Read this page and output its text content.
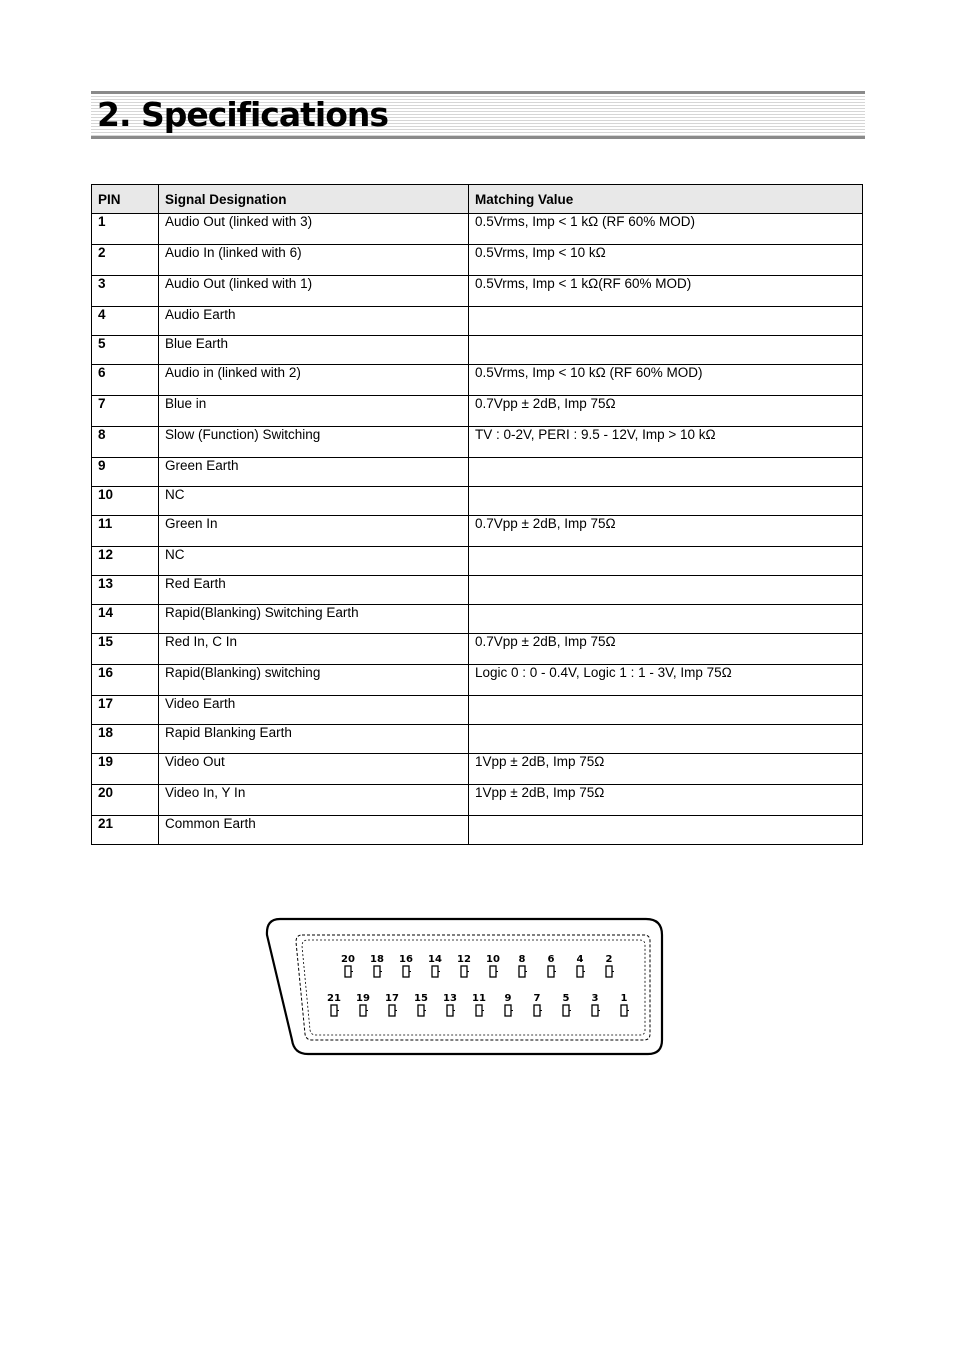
2. Specifications
PIN	Signal Designation	Matching Value
1	Audio Out (linked with 3)	0.5Vrms, Imp < 1 kΩ (RF 60% MOD)
2	Audio In (linked with 6)	0.5Vrms, Imp < 10 kΩ
3	Audio Out (linked with 1)	0.5Vrms, Imp < 1 kΩ(RF 60% MOD)
4	Audio Earth	
5	Blue Earth	
6	Audio in (linked with 2)	0.5Vrms, Imp < 10 kΩ (RF 60% MOD)
7	Blue in	0.7Vpp ± 2dB, Imp 75Ω
8	Slow (Function) Switching	TV : 0-2V, PERI : 9.5 - 12V, Imp > 10 kΩ
9	Green Earth	
10	NC	
11	Green In	0.7Vpp ± 2dB, Imp 75Ω
12	NC	
13	Red Earth	
14	Rapid(Blanking) Switching Earth	
15	Red In, C In	0.7Vpp ± 2dB, Imp 75Ω
16	Rapid(Blanking) switching	Logic 0 : 0 - 0.4V, Logic 1 : 1 - 3V, Imp 75Ω
17	Video Earth	
18	Rapid Blanking Earth	
19	Video Out	1Vpp ± 2dB, Imp 75Ω
20	Video In, Y In	1Vpp ± 2dB, Imp 75Ω
21	Common Earth	
20 18 16 14 12 10 8 6 4 2
21 19 17 15 13 11 9 7 5 3 1
